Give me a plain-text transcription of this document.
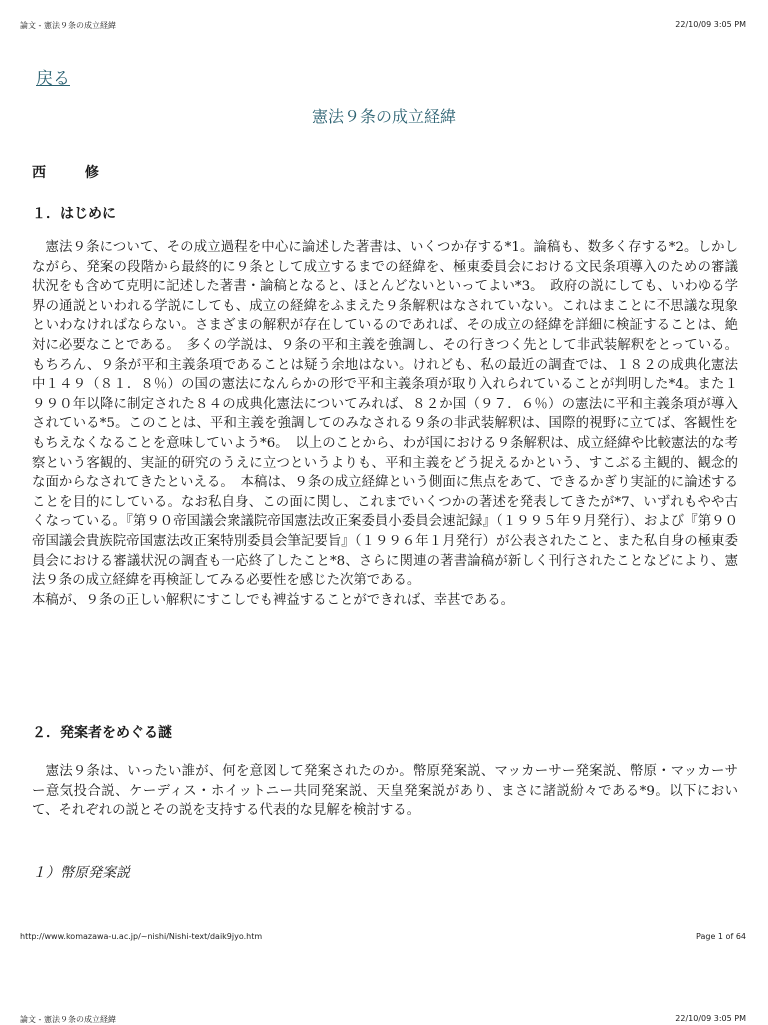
論文 - 憲法９条の成立経緯	22/10/09 3:05 PM
戻る
憲法９条の成立経緯
西 修
１．はじめに
　憲法９条について、その成立過程を中心に論述した著書は、いくつか存する*1。論稿も、数多く存する*2。しかしながら、発案の段階から最終的に９条として成立するまでの経緯を、極東委員会における文民条項導入のための審議状況をも含めて克明に記述した著書・論稿となると、ほとんどないといってよい*3。　政府の説にしても、いわゆる学界の通説といわれる学説にしても、成立の経緯をふまえた９条解釈はなされていない。これはまことに不思議な現象といわなければならない。さまざまの解釈が存在しているのであれば、その成立の経緯を詳細に検証することは、絶対に必要なことである。　多くの学説は、９条の平和主義を強調し、その行きつく先として非武装解釈をとっている。もちろん、９条が平和主義条項であることは疑う余地はない。けれども、私の最近の調査では、１８２の成典化憲法中１４９（８１．８％）の国の憲法になんらかの形で平和主義条項が取り入れられていることが判明した*4。また１９９０年以降に制定された８４の成典化憲法についてみれば、８２か国（９７．６％）の憲法に平和主義条項が導入されている*5。このことは、平和主義を強調してのみなされる９条の非武装解釈は、国際的視野に立てば、客観性をもちえなくなることを意味していよう*6。　以上のことから、わが国における９条解釈は、成立経緯や比較憲法的な考察という客観的、実証的研究のうえに立つというよりも、平和主義をどう捉えるかという、すこぶる主観的、観念的な面からなされてきたといえる。　本稿は、９条の成立経緯という側面に焦点をあて、できるかぎり実証的に論述することを目的にしている。なお私自身、この面に関し、これまでいくつかの著述を発表してきたが*7、いずれもやや古くなっている。『第９０帝国議会衆議院帝国憲法改正案委員小委員会速記録』（１９９５年９月発行）、および『第９０帝国議会貴族院帝国憲法改正案特別委員会筆記要旨』（１９９６年１月発行）が公表されたこと、また私自身の極東委員会における審議状況の調査も一応終了したこと*8、さらに関連の著書論稿が新しく刊行されたことなどにより、憲法９条の成立経緯を再検証してみる必要性を感じた次第である。
本稿が、９条の正しい解釈にすこしでも裨益することができれば、幸甚である。
２．発案者をめぐる謎

　憲法９条は、いったい誰が、何を意図して発案されたのか。幣原発案説、マッカーサー発案説、幣原・マッカーサー意気投合説、ケーディス・ホイットニー共同発案説、天皇発案説があり、まさに諸説紛々である*9。以下において、それぞれの説とその説を支持する代表的な見解を検討する。

１）幣原発案説
http://www.komazawa-u.ac.jp/~nishi/Nishi-text/daik9jyo.htm	Page 1 of 64
論文 - 憲法９条の成立経緯	22/10/09 3:05 PM
